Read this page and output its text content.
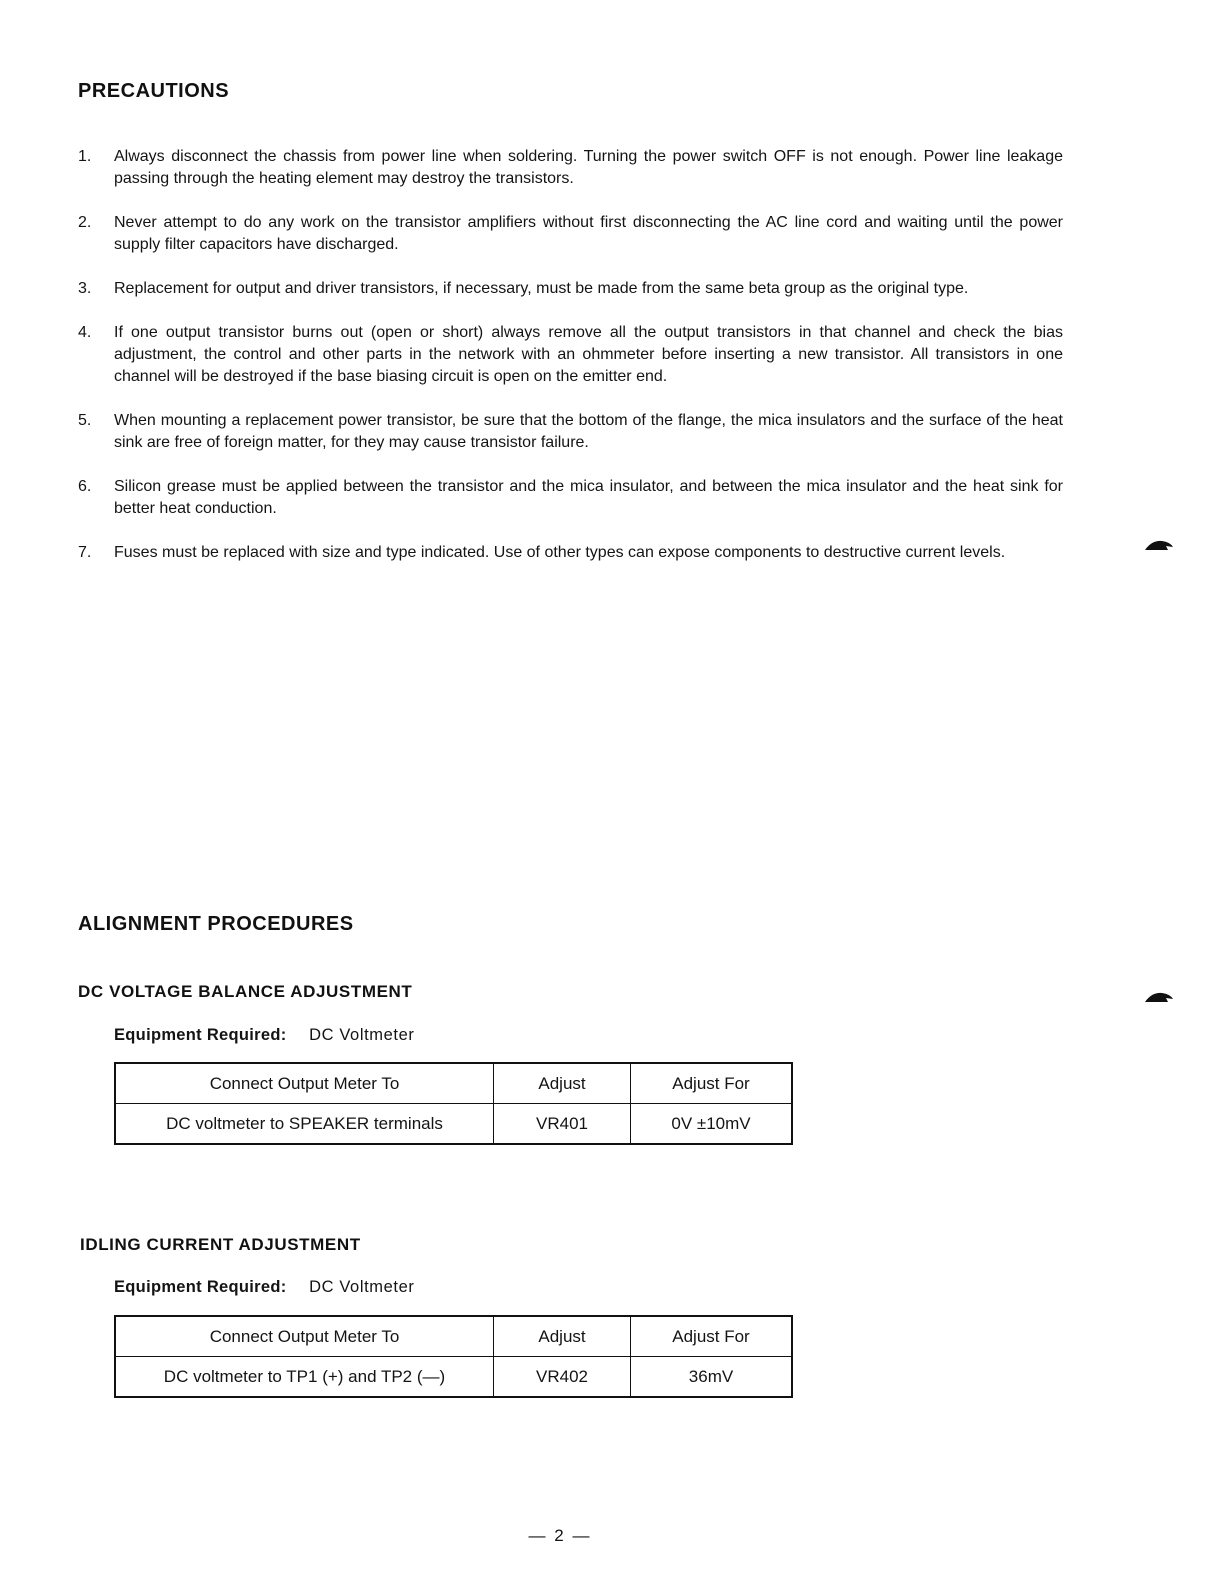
PRECAUTIONS
1. Always disconnect the chassis from power line when soldering. Turning the power switch OFF is not enough. Power line leakage passing through the heating element may destroy the transistors.
2. Never attempt to do any work on the transistor amplifiers without first disconnecting the AC line cord and waiting until the power supply filter capacitors have discharged.
3. Replacement for output and driver transistors, if necessary, must be made from the same beta group as the original type.
4. If one output transistor burns out (open or short) always remove all the output transistors in that channel and check the bias adjustment, the control and other parts in the network with an ohmmeter before inserting a new transistor. All transistors in one channel will be destroyed if the base biasing circuit is open on the emitter end.
5. When mounting a replacement power transistor, be sure that the bottom of the flange, the mica insulators and the surface of the heat sink are free of foreign matter, for they may cause transistor failure.
6. Silicon grease must be applied between the transistor and the mica insulator, and between the mica insulator and the heat sink for better heat conduction.
7. Fuses must be replaced with size and type indicated. Use of other types can expose components to destructive current levels.
ALIGNMENT PROCEDURES
DC VOLTAGE BALANCE ADJUSTMENT
Equipment Required: DC Voltmeter
Connect Output Meter To	Adjust	Adjust For
DC voltmeter to SPEAKER terminals	VR401	0V ±10mV
IDLING CURRENT ADJUSTMENT
Equipment Required: DC Voltmeter
Connect Output Meter To	Adjust	Adjust For
DC voltmeter to TP1 (+) and TP2 (—)	VR402	36mV
— 2 —
